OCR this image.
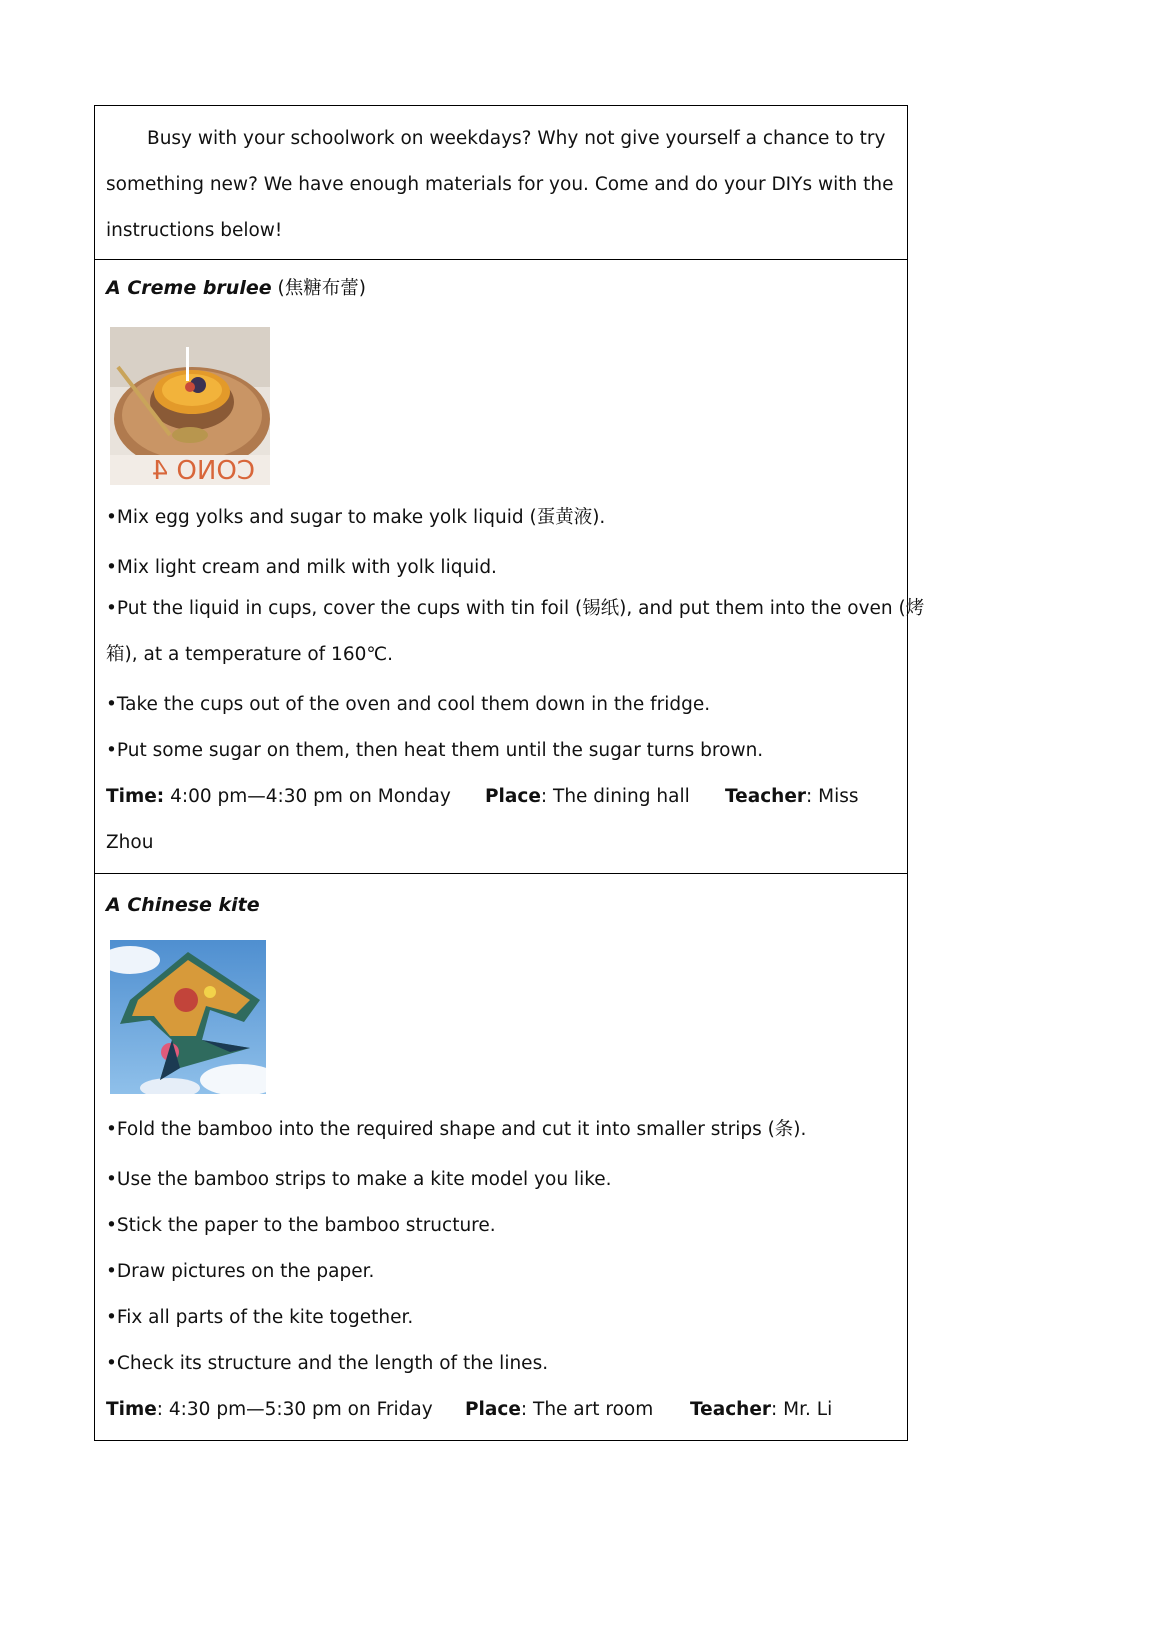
Busy with your schoolwork on weekdays? Why not give yourself a chance to try
something new? We have enough materials for you. Come and do your DIYs with the
instructions below!
A Creme brulee (焦糖布蕾)
CONO 4
•Mix egg yolks and sugar to make yolk liquid (蛋黄液).
•Mix light cream and milk with yolk liquid.
•Put the liquid in cups, cover the cups with tin foil (锡纸), and put them into the oven (烤
箱), at a temperature of 160℃.
•Take the cups out of the oven and cool them down in the fridge.
•Put some sugar on them, then heat them until the sugar turns brown.
Time: 4:00 pm—4:30 pm on Monday Place: The dining hall Teacher: Miss
Zhou
A Chinese kite
•Fold the bamboo into the required shape and cut it into smaller strips (条).
•Use the bamboo strips to make a kite model you like.
•Stick the paper to the bamboo structure.
•Draw pictures on the paper.
•Fix all parts of the kite together.
•Check its structure and the length of the lines.
Time: 4:30 pm—5:30 pm on Friday Place: The art room Teacher: Mr. Li
